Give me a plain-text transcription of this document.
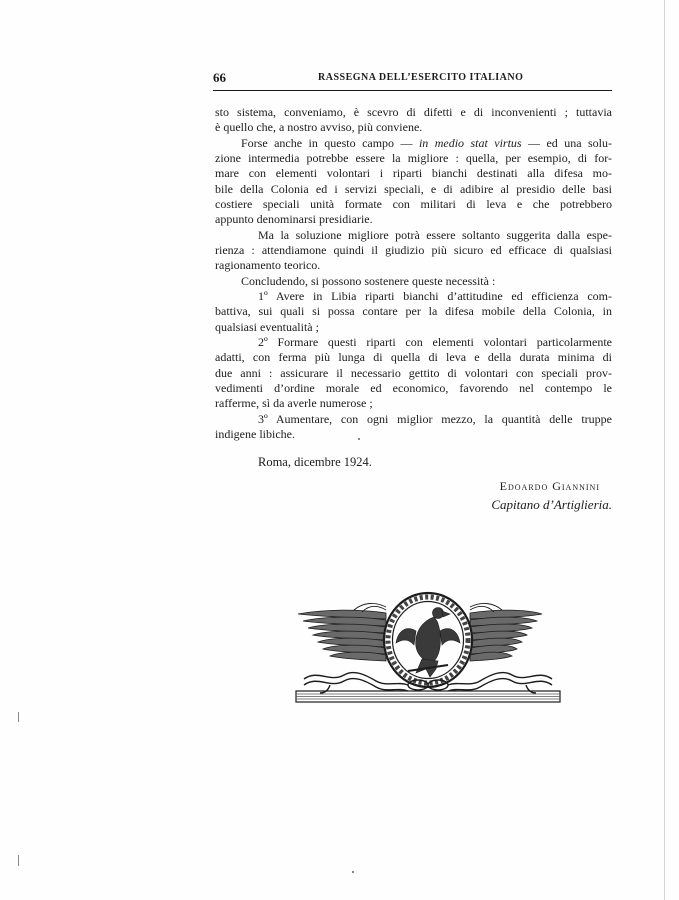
66	RASSEGNA DELL’ESERCITO ITALIANO
sto sistema, conveniamo, è scevro di difetti e di inconvenienti ; tuttavia
è quello che, a nostro avviso, più conviene.
Forse anche in questo campo — in medio stat virtus — ed una solu-
zione intermedia potrebbe essere la migliore : quella, per esempio, di for-
mare con elementi volontari i riparti bianchi destinati alla difesa mo-
bile della Colonia ed i servizi speciali, e di adibire al presidio delle basi
costiere speciali unità formate con militari di leva e che potrebbero
appunto denominarsi presidiarie.
Ma la soluzione migliore potrà essere soltanto suggerita dalla espe-
rienza : attendiamone quindi il giudizio più sicuro ed efficace di qualsiasi
ragionamento teorico.
Concludendo, si possono sostenere queste necessità :
1º Avere in Libia riparti bianchi d’attitudine ed efficienza com-
battiva, sui quali si possa contare per la difesa mobile della Colonia, in
qualsiasi eventualità ;
2º Formare questi riparti con elementi volontari particolarmente
adatti, con ferma più lunga di quella di leva e della durata minima di
due anni : assicurare il necessario gettito di volontari con speciali prov-
vedimenti d’ordine morale ed economico, favorendo nel contempo le
rafferme, sì da averle numerose ;
3º Aumentare, con ogni miglior mezzo, la quantità delle truppe
indigene libiche.
Roma, dicembre 1924.
Edoardo Giannini
Capitano d’Artiglieria.
